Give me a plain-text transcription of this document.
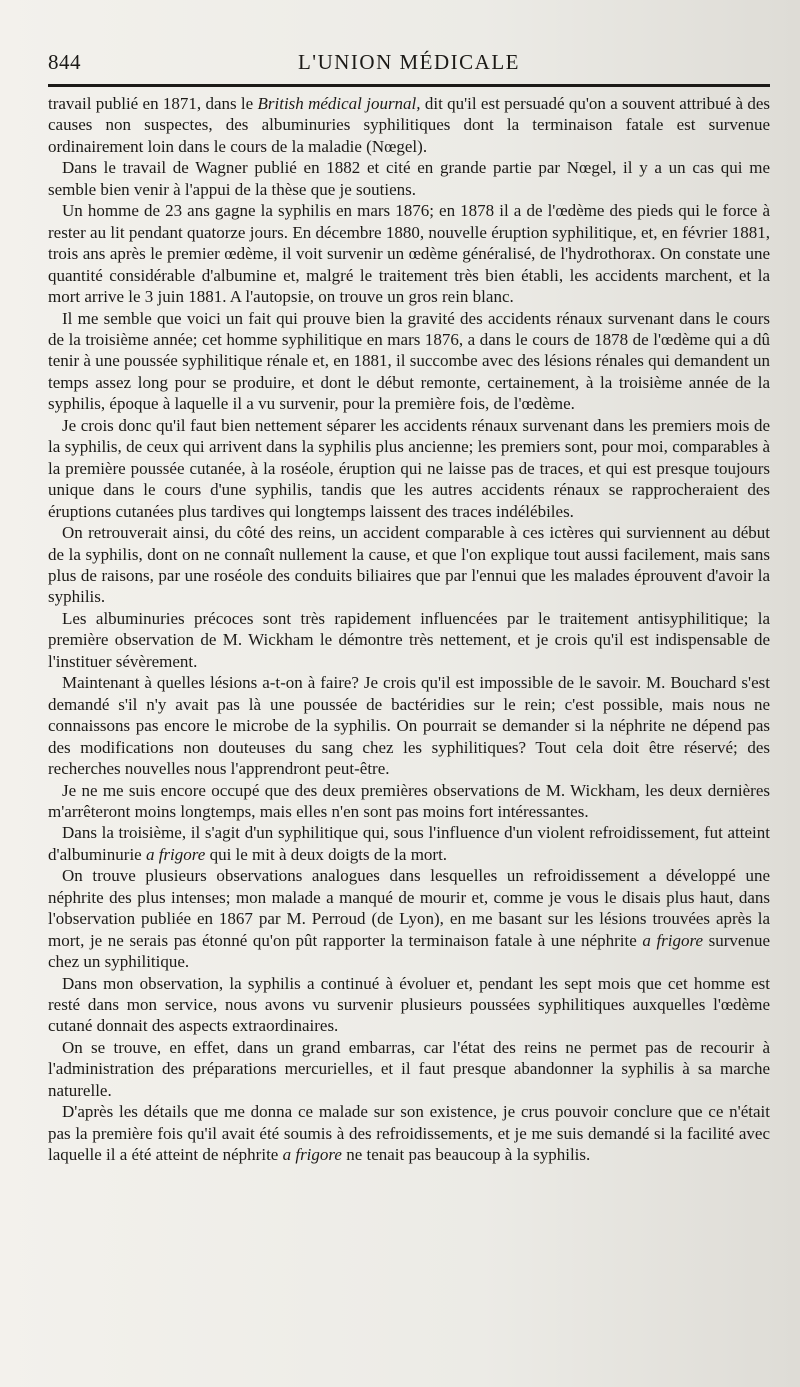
844	L'UNION MÉDICALE

travail publié en 1871, dans le British médical journal, dit qu'il est persuadé qu'on a souvent attribué à des causes non suspectes, des albuminuries syphilitiques dont la terminaison fatale est survenue ordinairement loin dans le cours de la maladie (Nœgel).

Dans le travail de Wagner publié en 1882 et cité en grande partie par Nœgel, il y a un cas qui me semble bien venir à l'appui de la thèse que je soutiens.

Un homme de 23 ans gagne la syphilis en mars 1876; en 1878 il a de l'œdème des pieds qui le force à rester au lit pendant quatorze jours. En décembre 1880, nouvelle éruption syphilitique, et, en février 1881, trois ans après le premier œdème, il voit survenir un œdème généralisé, de l'hydrothorax. On constate une quantité considérable d'albumine et, malgré le traitement très bien établi, les accidents marchent, et la mort arrive le 3 juin 1881. A l'autopsie, on trouve un gros rein blanc.

Il me semble que voici un fait qui prouve bien la gravité des accidents rénaux survenant dans le cours de la troisième année; cet homme syphilitique en mars 1876, a dans le cours de 1878 de l'œdème qui a dû tenir à une poussée syphilitique rénale et, en 1881, il succombe avec des lésions rénales qui demandent un temps assez long pour se produire, et dont le début remonte, certainement, à la troisième année de la syphilis, époque à laquelle il a vu survenir, pour la première fois, de l'œdème.

Je crois donc qu'il faut bien nettement séparer les accidents rénaux survenant dans les premiers mois de la syphilis, de ceux qui arrivent dans la syphilis plus ancienne; les premiers sont, pour moi, comparables à la première poussée cutanée, à la roséole, éruption qui ne laisse pas de traces, et qui est presque toujours unique dans le cours d'une syphilis, tandis que les autres accidents rénaux se rapprocheraient des éruptions cutanées plus tardives qui longtemps laissent des traces indélébiles.

On retrouverait ainsi, du côté des reins, un accident comparable à ces ictères qui surviennent au début de la syphilis, dont on ne connaît nullement la cause, et que l'on explique tout aussi facilement, mais sans plus de raisons, par une roséole des conduits biliaires que par l'ennui que les malades éprouvent d'avoir la syphilis.

Les albuminuries précoces sont très rapidement influencées par le traitement antisyphilitique; la première observation de M. Wickham le démontre très nettement, et je crois qu'il est indispensable de l'instituer sévèrement.

Maintenant à quelles lésions a-t-on à faire? Je crois qu'il est impossible de le savoir. M. Bouchard s'est demandé s'il n'y avait pas là une poussée de bactéridies sur le rein; c'est possible, mais nous ne connaissons pas encore le microbe de la syphilis. On pourrait se demander si la néphrite ne dépend pas des modifications non douteuses du sang chez les syphilitiques? Tout cela doit être réservé; des recherches nouvelles nous l'apprendront peut-être.

Je ne me suis encore occupé que des deux premières observations de M. Wickham, les deux dernières m'arrêteront moins longtemps, mais elles n'en sont pas moins fort intéressantes.

Dans la troisième, il s'agit d'un syphilitique qui, sous l'influence d'un violent refroidissement, fut atteint d'albuminurie a frigore qui le mit à deux doigts de la mort.

On trouve plusieurs observations analogues dans lesquelles un refroidissement a développé une néphrite des plus intenses; mon malade a manqué de mourir et, comme je vous le disais plus haut, dans l'observation publiée en 1867 par M. Perroud (de Lyon), en me basant sur les lésions trouvées après la mort, je ne serais pas étonné qu'on pût rapporter la terminaison fatale à une néphrite a frigore survenue chez un syphilitique.

Dans mon observation, la syphilis a continué à évoluer et, pendant les sept mois que cet homme est resté dans mon service, nous avons vu survenir plusieurs poussées syphilitiques auxquelles l'œdème cutané donnait des aspects extraordinaires.

On se trouve, en effet, dans un grand embarras, car l'état des reins ne permet pas de recourir à l'administration des préparations mercurielles, et il faut presque abandonner la syphilis à sa marche naturelle.

D'après les détails que me donna ce malade sur son existence, je crus pouvoir conclure que ce n'était pas la première fois qu'il avait été soumis à des refroidissements, et je me suis demandé si la facilité avec laquelle il a été atteint de néphrite a frigore ne tenait pas beaucoup à la syphilis.
